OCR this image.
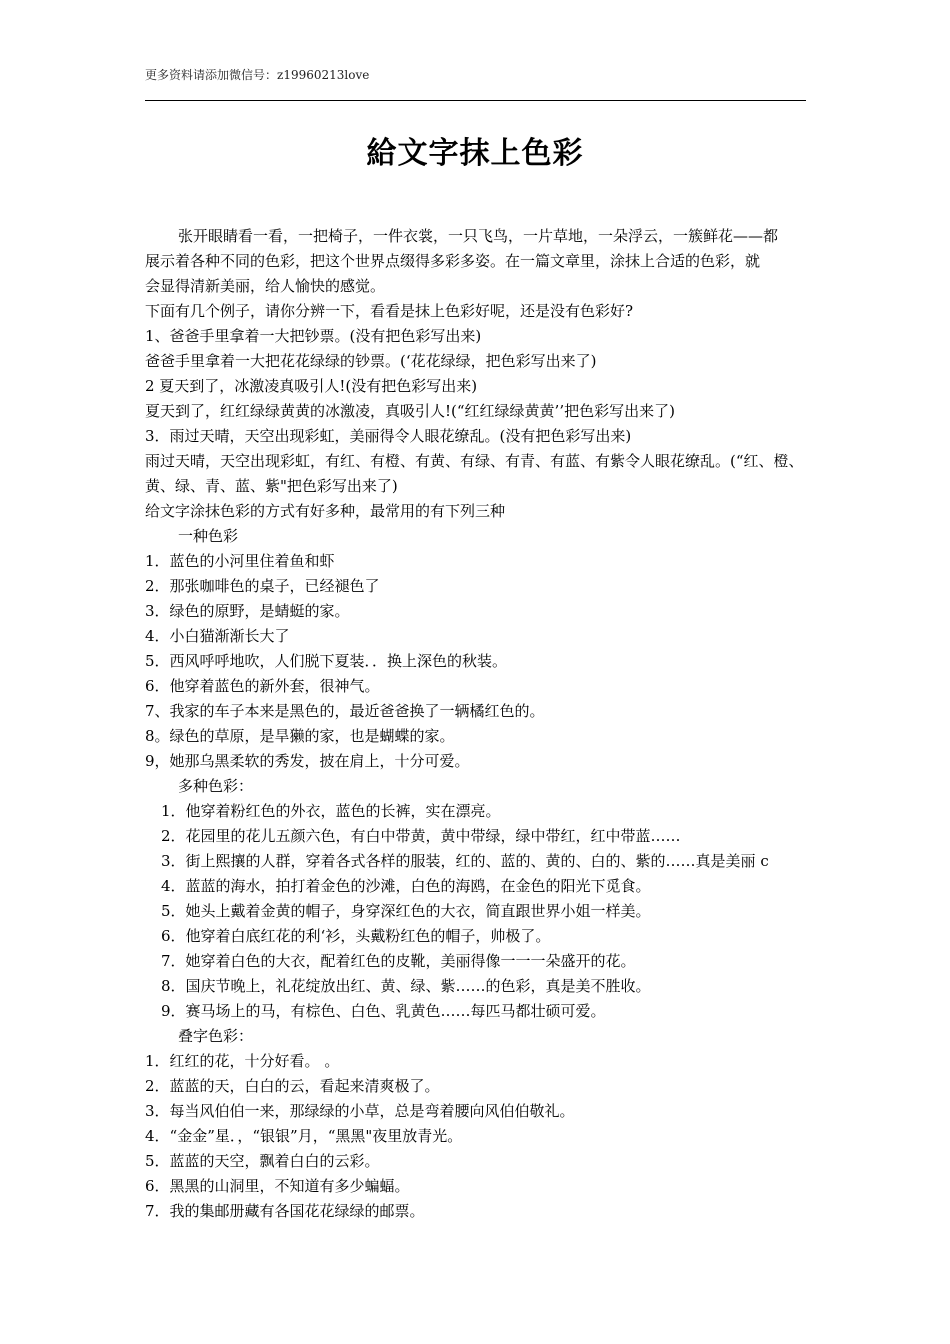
更多资料请添加微信号：z19960213love
給文字抹上色彩
张开眼睛看一看，一把椅子，一件衣裳，一只飞鸟，一片草地，一朵浮云，一簇鲜花——都
展示着各种不同的色彩，把这个世界点缀得多彩多姿。在一篇文章里，涂抹上合适的色彩，就
会显得清新美丽，给人愉快的感觉。
下面有几个例子，请你分辨一下，看看是抹上色彩好呢，还是没有色彩好?
1、爸爸手里拿着一大把钞票。(没有把色彩写出来)
爸爸手里拿着一大把花花绿绿的钞票。(‘花花绿绿，把色彩写出来了)
2 夏天到了，冰激凌真吸引人!(没有把色彩写出来)
夏天到了，红红绿绿黄黄的冰激凌，真吸引人!(“红红绿绿黄黄’’把色彩写出来了)
3．雨过天晴，天空出现彩虹，美丽得令人眼花缭乱。(没有把色彩写出来)
雨过天晴，天空出现彩虹，有红、有橙、有黄、有绿、有青、有蓝、有紫令人眼花缭乱。(“红、橙、
黄、绿、青、蓝、紫"把色彩写出来了)
给文字涂抹色彩的方式有好多种，最常用的有下列三种
一种色彩
1．蓝色的小河里住着鱼和虾
2．那张咖啡色的桌子，已经褪色了
3．绿色的原野，是蜻蜓的家。
4．小白猫渐渐长大了
5．西风呼呼地吹，人们脱下夏装．．换上深色的秋装。
6．他穿着蓝色的新外套，很神气。
7、我家的车子本来是黑色的，最近爸爸换了一辆橘红色的。
8。绿色的草原，是旱獭的家，也是蝴蝶的家。
9，她那乌黑柔软的秀发，披在肩上，十分可爱。
多种色彩：
1．他穿着粉红色的外衣，蓝色的长裤，实在漂亮。
2．花园里的花儿五颜六色，有白中带黄，黄中带绿，绿中带红，红中带蓝……
3．街上熙攘的人群，穿着各式各样的服装，红的、蓝的、黄的、白的、紫的……真是美丽 c
4．蓝蓝的海水，拍打着金色的沙滩，白色的海鸥，在金色的阳光下觅食。
5．她头上戴着金黄的帽子，身穿深红色的大衣，简直跟世界小姐一样美。
6．他穿着白底红花的利‘衫，头戴粉红色的帽子，帅极了。
7．她穿着白色的大衣，配着红色的皮靴，美丽得像一一一朵盛开的花。
8．国庆节晚上，礼花绽放出红、黄、绿、紫……的色彩，真是美不胜收。
9．赛马场上的马，有棕色、白色、乳黄色……每匹马都壮硕可爱。
叠字色彩：
1．红红的花，十分好看。 。
2．蓝蓝的天，白白的云，看起来清爽极了。
3．每当风伯伯一来，那绿绿的小草，总是弯着腰向风伯伯敬礼。
4．“金金”星．，“银银”月，“黑黑"夜里放青光。
5．蓝蓝的天空，飘着白白的云彩。
6．黑黑的山洞里，不知道有多少蝙蝠。
7．我的集邮册藏有各国花花绿绿的邮票。
